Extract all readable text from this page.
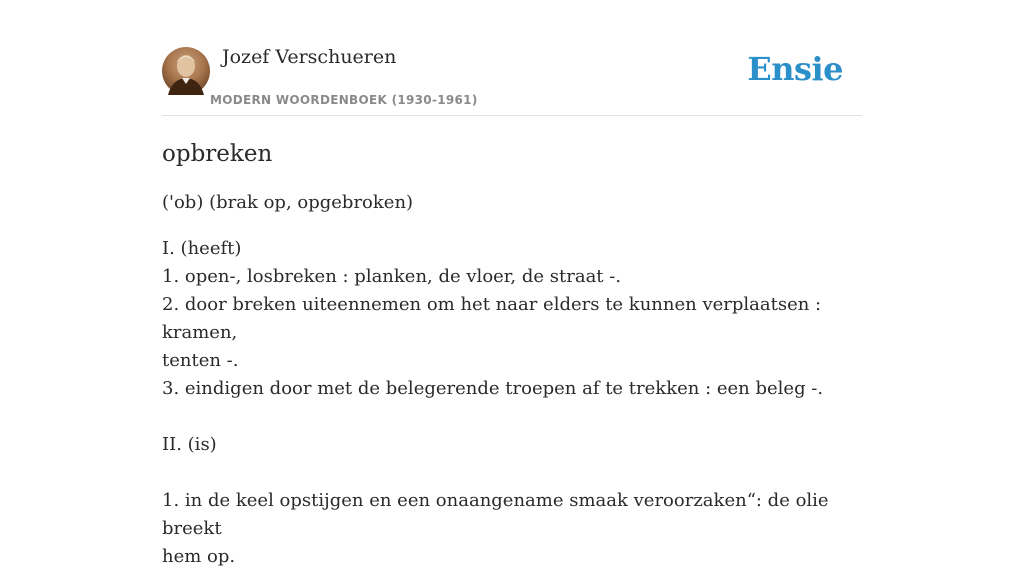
Jozef Verschueren
MODERN WOORDENBOEK (1930-1961)
Ensie
opbreken

('ob) (brak op, opgebroken)

I. (heeft)
1. open-, losbreken : planken, de vloer, de straat -.
2. door breken uiteennemen om het naar elders te kunnen verplaatsen : kramen,
tenten -.
3. eindigen door met de belegerende troepen af te trekken : een beleg -.
II. (is)
1. in de keel opstijgen en een onaangename smaak veroorzaken“: de olie breekt
hem op.
